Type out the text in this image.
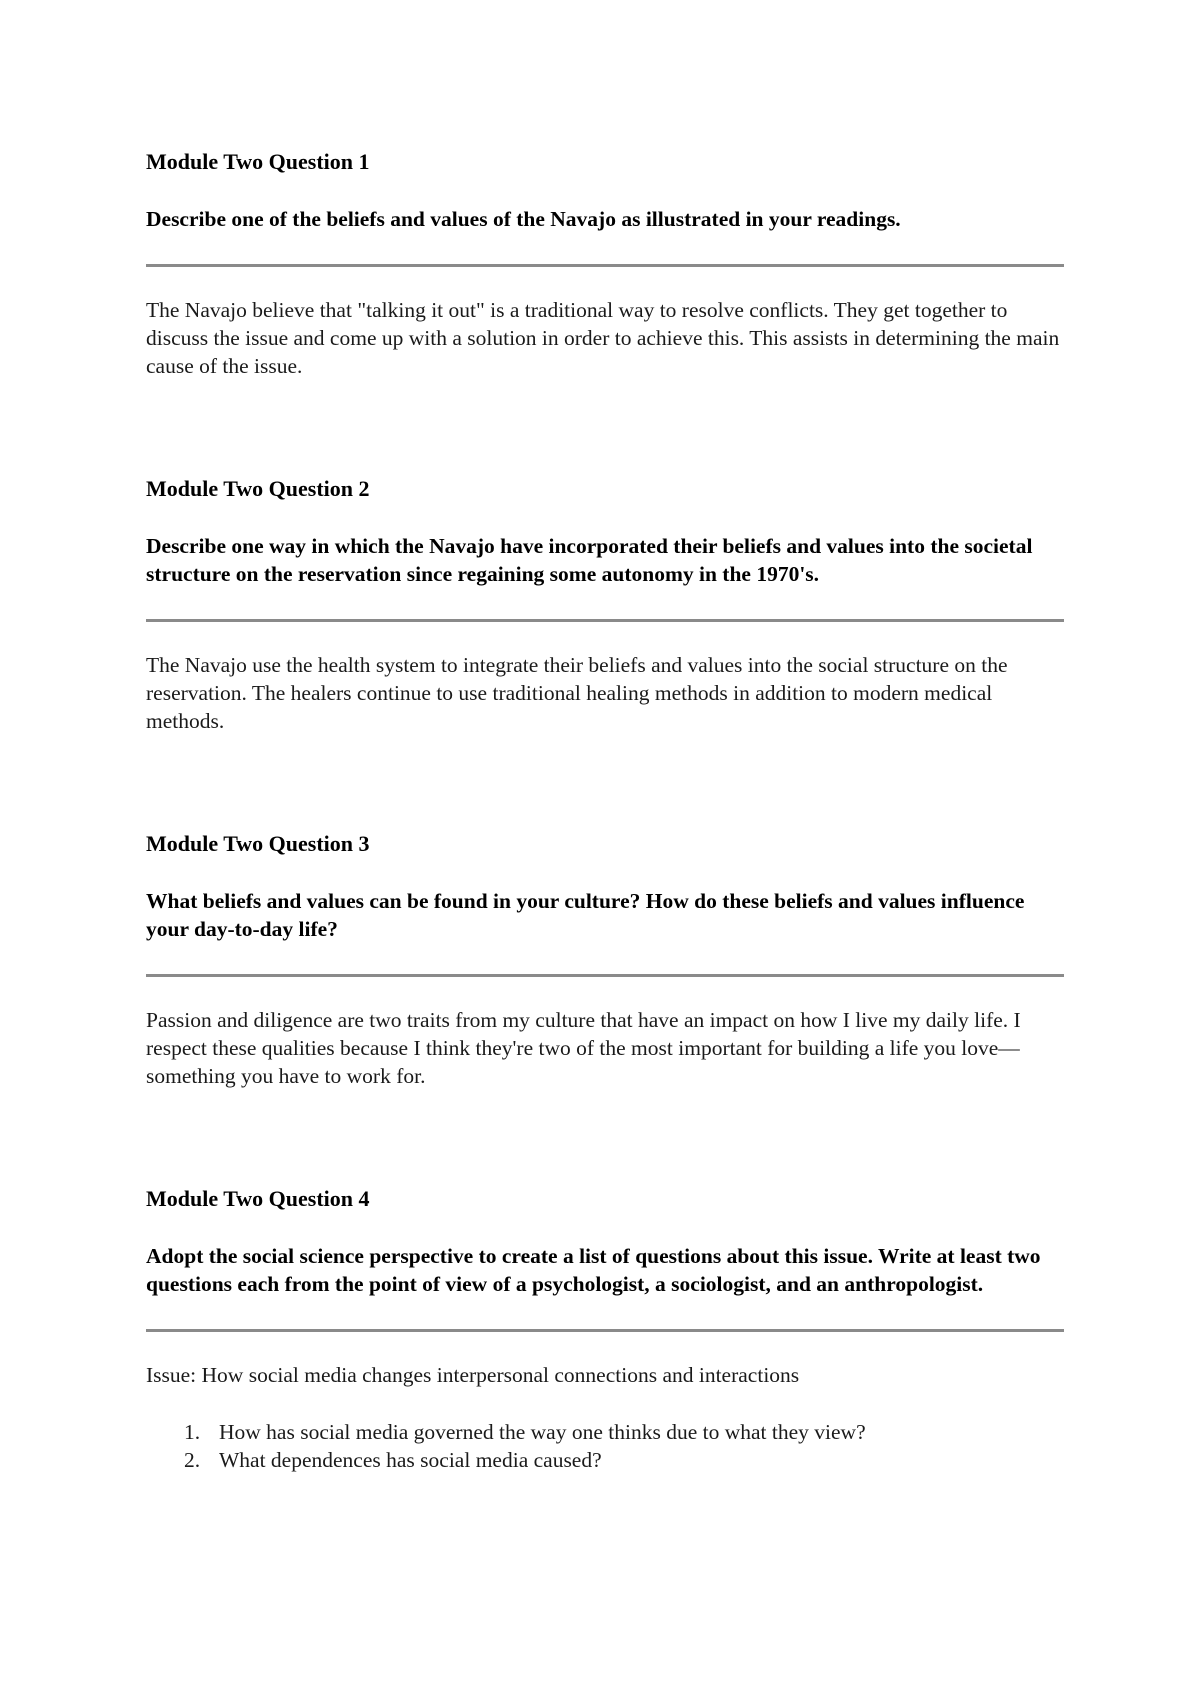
Module Two Question 1

Describe one of the beliefs and values of the Navajo as illustrated in your readings.

The Navajo believe that "talking it out" is a traditional way to resolve conflicts. They get together to discuss the issue and come up with a solution in order to achieve this. This assists in determining the main cause of the issue.

Module Two Question 2

Describe one way in which the Navajo have incorporated their beliefs and values into the societal structure on the reservation since regaining some autonomy in the 1970's.

The Navajo use the health system to integrate their beliefs and values into the social structure on the reservation. The healers continue to use traditional healing methods in addition to modern medical methods.

Module Two Question 3

What beliefs and values can be found in your culture? How do these beliefs and values influence your day-to-day life?

Passion and diligence are two traits from my culture that have an impact on how I live my daily life. I respect these qualities because I think they're two of the most important for building a life you love—something you have to work for.

Module Two Question 4

Adopt the social science perspective to create a list of questions about this issue. Write at least two questions each from the point of view of a psychologist, a sociologist, and an anthropologist.

Issue: How social media changes interpersonal connections and interactions

1. How has social media governed the way one thinks due to what they view?
2. What dependences has social media caused?
